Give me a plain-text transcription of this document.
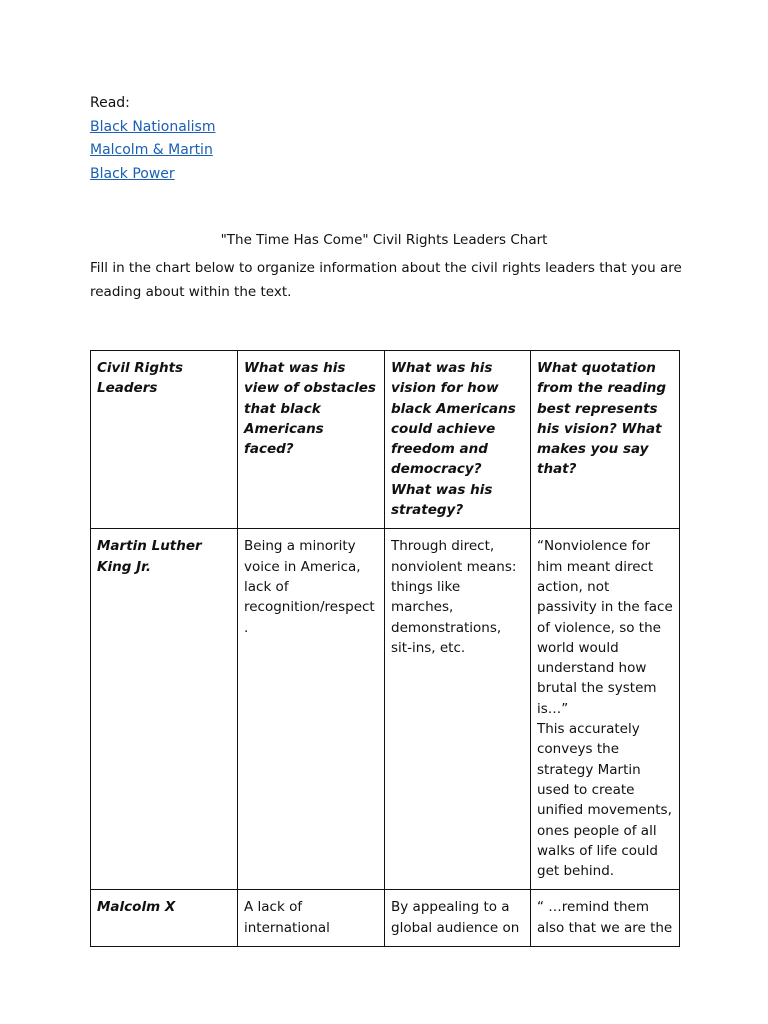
Read:
Black Nationalism
Malcolm & Martin
Black Power
"The Time Has Come" Civil Rights Leaders Chart
Fill in the chart below to organize information about the civil rights leaders that you are reading about within the text.
Civil Rights Leaders	What was his view of obstacles that black Americans faced?	What was his vision for how black Americans could achieve freedom and democracy? What was his strategy?	What quotation from the reading best represents his vision? What makes you say that?
Martin Luther King Jr.	Being a minority voice in America, lack of recognition/respect.	Through direct, nonviolent means: things like marches, demonstrations, sit-ins, etc.	“Nonviolence for him meant direct action, not passivity in the face of violence, so the world would understand how brutal the system is…”
This accurately conveys the strategy Martin used to create unified movements, ones people of all walks of life could get behind.

Malcolm X	A lack of international	By appealing to a global audience on	“ …remind them also that we are the
